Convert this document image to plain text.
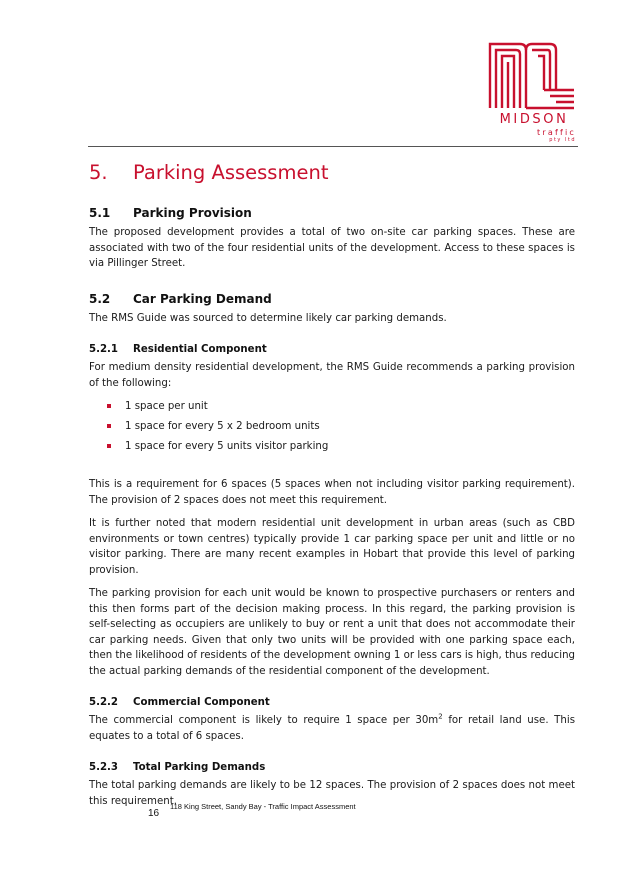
MIDSON
traffic
pty ltd
5.	Parking Assessment
5.1	Parking Provision

The proposed development provides a total of two on-site car parking spaces. These are associated with two of the four residential units of the development. Access to these spaces is via Pillinger Street.

5.2	Car Parking Demand

The RMS Guide was sourced to determine likely car parking demands.

5.2.1	Residential Component

For medium density residential development, the RMS Guide recommends a parking provision of the following:

1 space per unit
1 space for every 5 x 2 bedroom units
1 space for every 5 units visitor parking

This is a requirement for 6 spaces (5 spaces when not including visitor parking requirement). The provision of 2 spaces does not meet this requirement.

It is further noted that modern residential unit development in urban areas (such as CBD environments or town centres) typically provide 1 car parking space per unit and little or no visitor parking. There are many recent examples in Hobart that provide this level of parking provision.

The parking provision for each unit would be known to prospective purchasers or renters and this then forms part of the decision making process. In this regard, the parking provision is self-selecting as occupiers are unlikely to buy or rent a unit that does not accommodate their car parking needs. Given that only two units will be provided with one parking space each, then the likelihood of residents of the development owning 1 or less cars is high, thus reducing the actual parking demands of the residential component of the development.

5.2.2	Commercial Component

The commercial component is likely to require 1 space per $30m^2$ for retail land use. This equates to a total of 6 spaces.

5.2.3	Total Parking Demands

The total parking demands are likely to be 12 spaces. The provision of 2 spaces does not meet this requirement.

16
118 King Street, Sandy Bay - Traffic Impact Assessment
